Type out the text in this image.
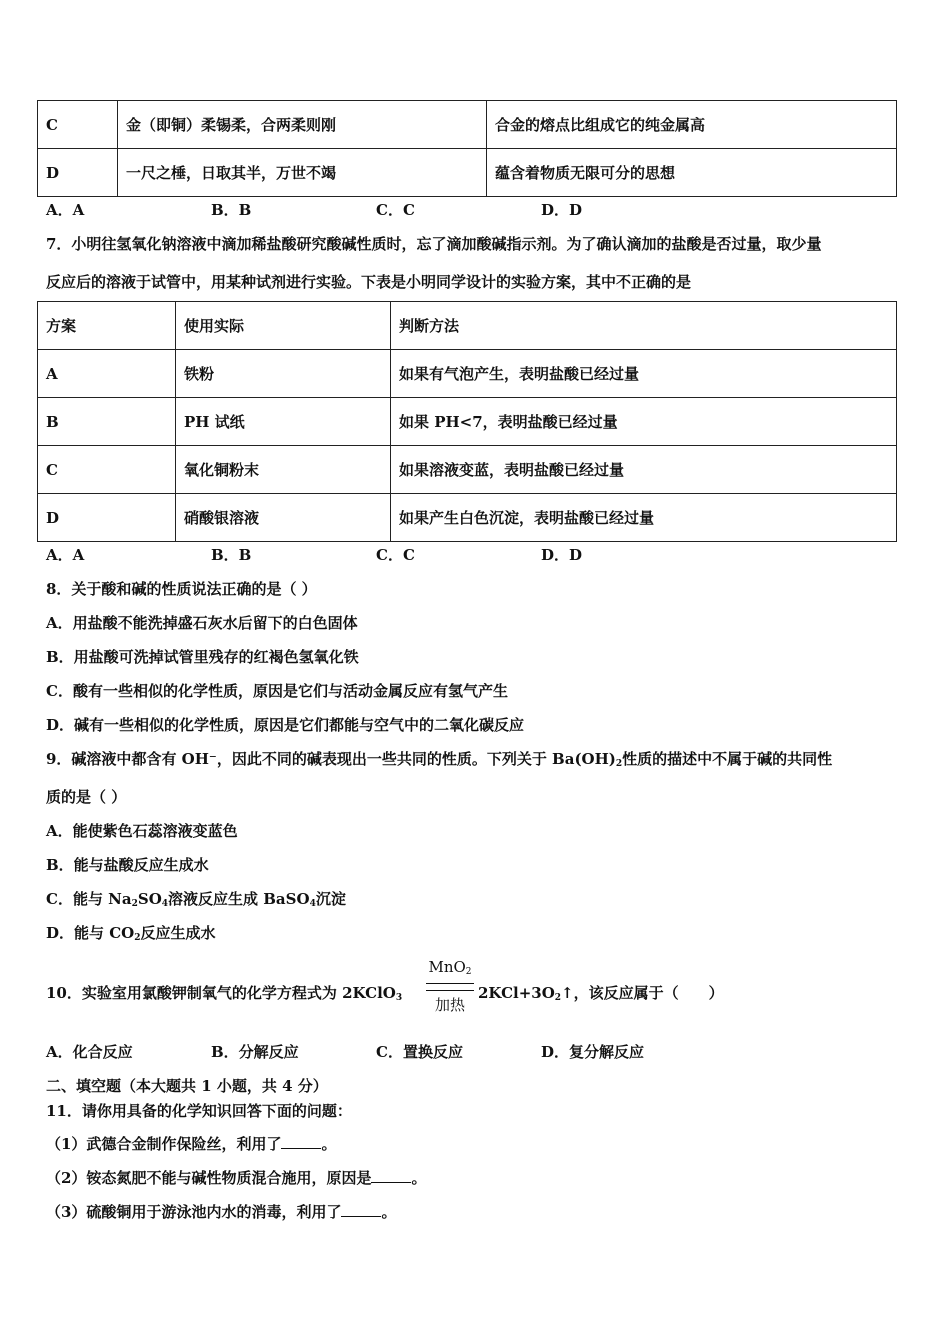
C	金（即铜）柔锡柔，合两柔则刚	合金的熔点比组成它的纯金属高
D	一尺之棰，日取其半，万世不竭	蕴含着物质无限可分的思想
A．A	B．B	C．C	D．D
7．小明往氢氧化钠溶液中滴加稀盐酸研究酸碱性质时，忘了滴加酸碱指示剂。为了确认滴加的盐酸是否过量，取少量
反应后的溶液于试管中，用某种试剂进行实验。下表是小明同学设计的实验方案，其中不正确的是
方案	使用实际	判断方法
A	铁粉	如果有气泡产生，表明盐酸已经过量
B	PH 试纸	如果 PH<7，表明盐酸已经过量
C	氧化铜粉末	如果溶液变蓝，表明盐酸已经过量
D	硝酸银溶液	如果产生白色沉淀，表明盐酸已经过量
A．A	B．B	C．C	D．D
8．关于酸和碱的性质说法正确的是（ ）
A．用盐酸不能洗掉盛石灰水后留下的白色固体
B．用盐酸可洗掉试管里残存的红褐色氢氧化铁
C．酸有一些相似的化学性质，原因是它们与活动金属反应有氢气产生
D．碱有一些相似的化学性质，原因是它们都能与空气中的二氧化碳反应
9．碱溶液中都含有 OH⁻，因此不同的碱表现出一些共同的性质。下列关于 $Ba(OH)_2$性质的描述中不属于碱的共同性
质的是（ ）
A．能使紫色石蕊溶液变蓝色
B．能与盐酸反应生成水
C．能与 $Na_2SO_4$溶液反应生成 BaSO$_4$沉淀
D．能与 $CO_2$反应生成水
10．实验室用氯酸钾制氧气的化学方程式为 2KClO$_3$
MnO$_2$
加热
$2KCl+3O_2↑$，该反应属于（　　）
A．化合反应	B．分解反应	C．置换反应	D．复分解反应
二、填空题（本大题共 1 小题，共 4 分）
11．请你用具备的化学知识回答下面的问题：
（1）武德合金制作保险丝，利用了	。
（2）铵态氮肥不能与碱性物质混合施用，原因是	。
（3）硫酸铜用于游泳池内水的消毒，利用了	。
